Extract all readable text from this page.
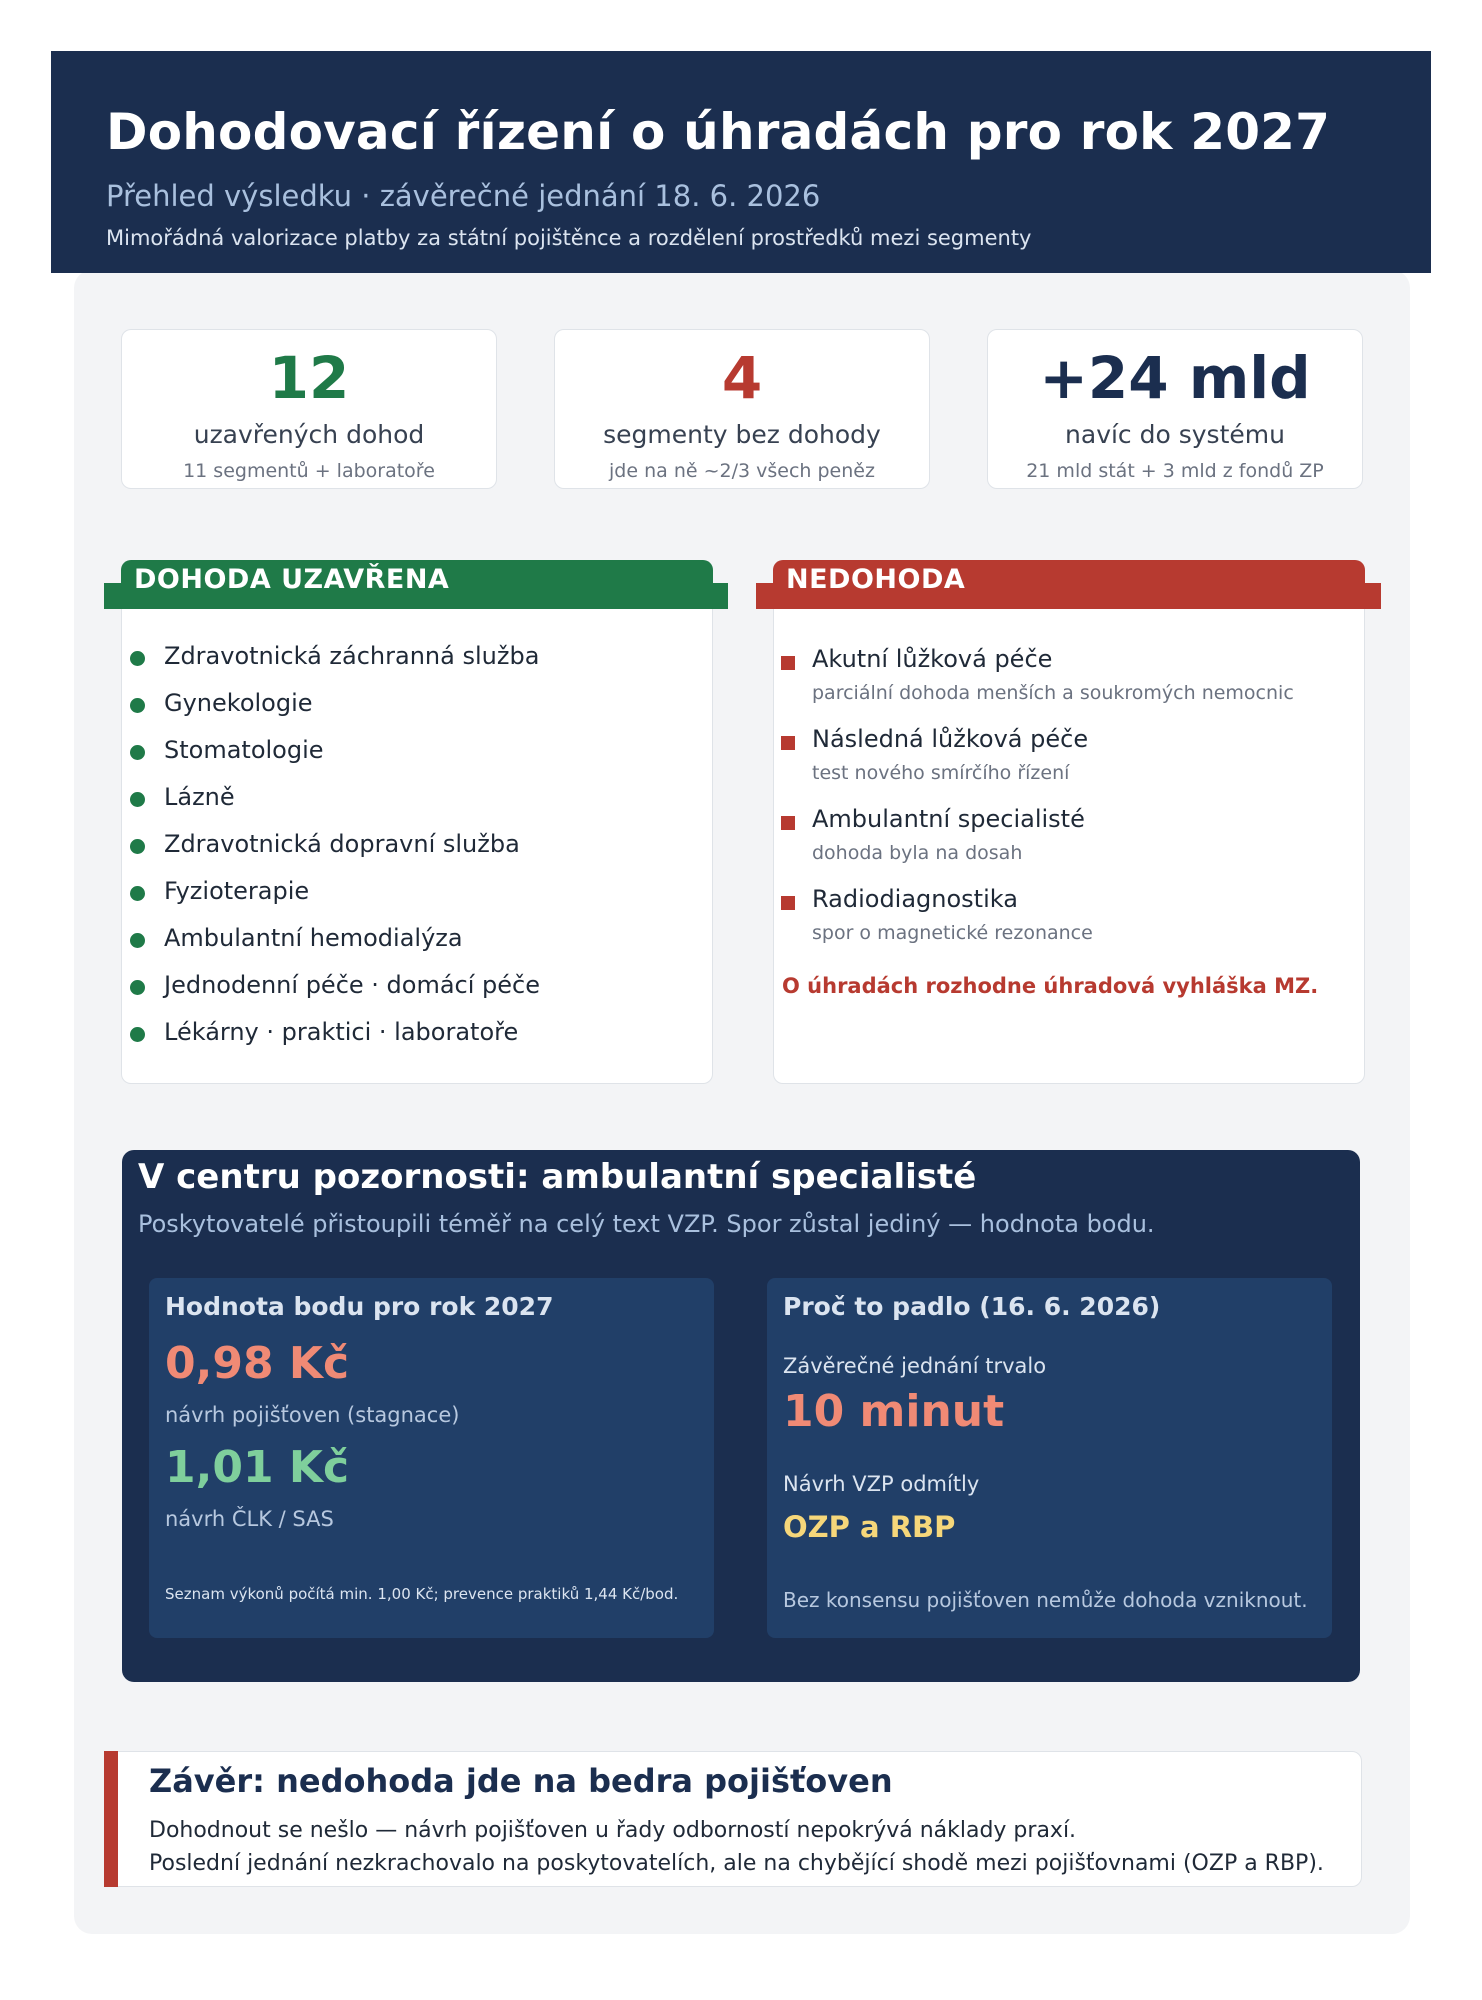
Dohodovací řízení o úhradách pro rok 2027
Přehled výsledku · závěrečné jednání 18. 6. 2026
Mimořádná valorizace platby za státní pojištěnce a rozdělení prostředků mezi segmenty
12
uzavřených dohod
11 segmentů + laboratoře
4
segmenty bez dohody
jde na ně ~2/3 všech peněz
+24 mld
navíc do systému
21 mld stát + 3 mld z fondů ZP
DOHODA UZAVŘENA
Zdravotnická záchranná služba
Gynekologie
Stomatologie
Lázně
Zdravotnická dopravní služba
Fyzioterapie
Ambulantní hemodialýza
Jednodenní péče · domácí péče
Lékárny · praktici · laboratoře
NEDOHODA
Akutní lůžková péče
parciální dohoda menších a soukromých nemocnic
Následná lůžková péče
test nového smírčího řízení
Ambulantní specialisté
dohoda byla na dosah
Radiodiagnostika
spor o magnetické rezonance
O úhradách rozhodne úhradová vyhláška MZ.
V centru pozornosti: ambulantní specialisté
Poskytovatelé přistoupili téměř na celý text VZP. Spor zůstal jediný — hodnota bodu.
Hodnota bodu pro rok 2027
0,98 Kč
návrh pojišťoven (stagnace)
1,01 Kč
návrh ČLK / SAS
Seznam výkonů počítá min. 1,00 Kč; prevence praktiků 1,44 Kč/bod.
Proč to padlo (16. 6. 2026)
Závěrečné jednání trvalo
10 minut
Návrh VZP odmítly
OZP a RBP
Bez konsensu pojišťoven nemůže dohoda vzniknout.
Závěr: nedohoda jde na bedra pojišťoven
Dohodnout se nešlo — návrh pojišťoven u řady odborností nepokrývá náklady praxí.
Poslední jednání nezkrachovalo na poskytovatelích, ale na chybějící shodě mezi pojišťovnami (OZP a RBP).
